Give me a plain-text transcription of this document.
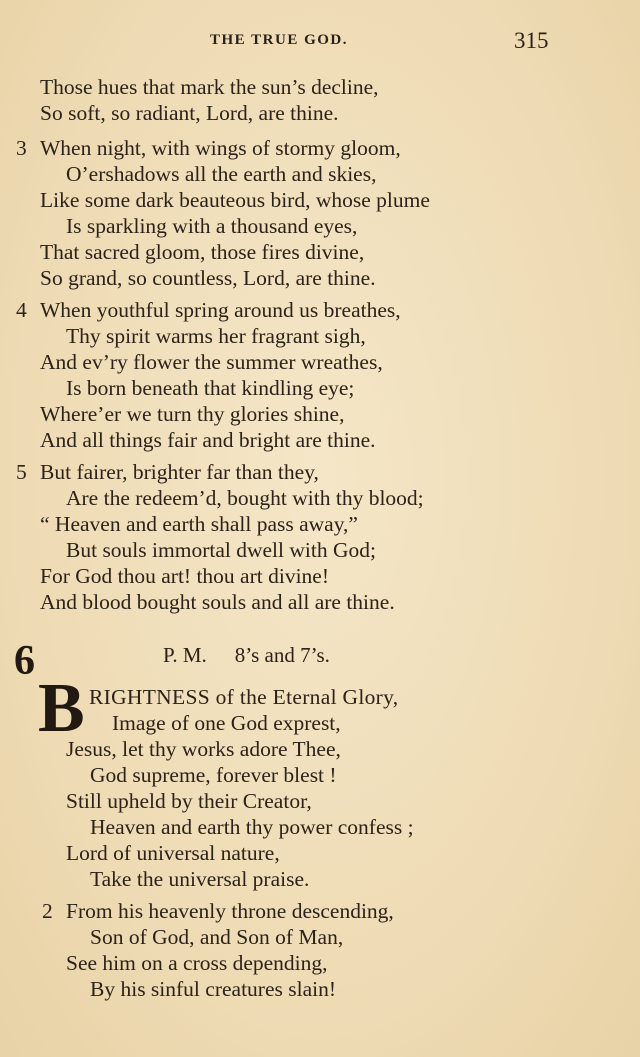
THE TRUE GOD.	315
Those hues that mark the sun’s decline,
So soft, so radiant, Lord, are thine.
3 When night, with wings of stormy gloom,
O’ershadows all the earth and skies,
Like some dark beauteous bird, whose plume
Is sparkling with a thousand eyes,
That sacred gloom, those fires divine,
So grand, so countless, Lord, are thine.
4 When youthful spring around us breathes,
Thy spirit warms her fragrant sigh,
And ev’ry flower the summer wreathes,
Is born beneath that kindling eye;
Where’er we turn thy glories shine,
And all things fair and bright are thine.
5 But fairer, brighter far than they,
Are the redeem’d, bought with thy blood;
“ Heaven and earth shall pass away,”
But souls immortal dwell with God;
For God thou art! thou art divine!
And blood bought souls and all are thine.
6	P. M. 8’s and 7’s.
B RIGHTNESS of the Eternal Glory,
Image of one God exprest,
Jesus, let thy works adore Thee,
God supreme, forever blest !
Still upheld by their Creator,
Heaven and earth thy power confess ;
Lord of universal nature,
Take the universal praise.
2 From his heavenly throne descending,
Son of God, and Son of Man,
See him on a cross depending,
By his sinful creatures slain!
